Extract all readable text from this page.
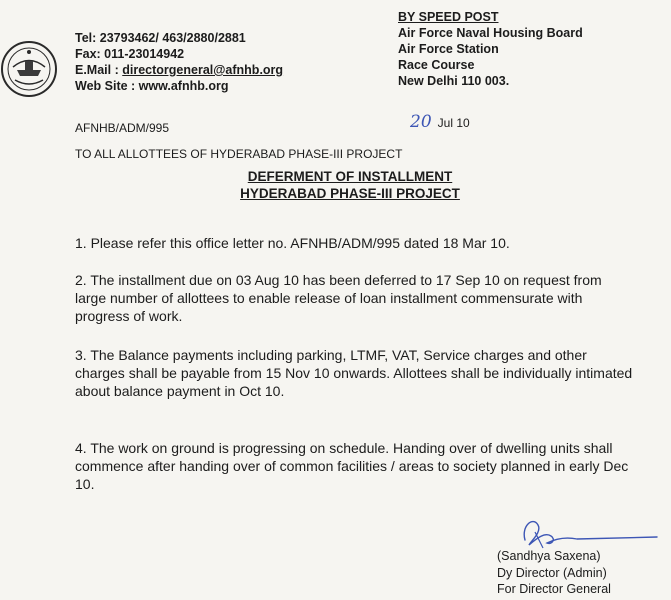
Tel: 23793462/ 463/2880/2881
Fax: 011-23014942
E.Mail : directorgeneral@afnhb.org
Web Site : www.afnhb.org
BY SPEED POST
Air Force Naval Housing Board
Air Force Station
Race Course
New Delhi 110 003.
AFNHB/ADM/995	20 Jul 10
TO ALL ALLOTTEES OF HYDERABAD PHASE-III PROJECT
DEFERMENT OF INSTALLMENT
HYDERABAD PHASE-III PROJECT
1. Please refer this office letter no. AFNHB/ADM/995 dated 18 Mar 10.
2. The installment due on 03 Aug 10 has been deferred to 17 Sep 10 on request from large number of allottees to enable release of loan installment commensurate with progress of work.
3. The Balance payments including parking, LTMF, VAT, Service charges and other charges shall be payable from 15 Nov 10 onwards. Allottees shall be individually intimated about balance payment in Oct 10.
4. The work on ground is progressing on schedule. Handing over of dwelling units shall commence after handing over of common facilities / areas to society planned in early Dec 10.
(Sandhya Saxena)
Dy Director (Admin)
For Director General
